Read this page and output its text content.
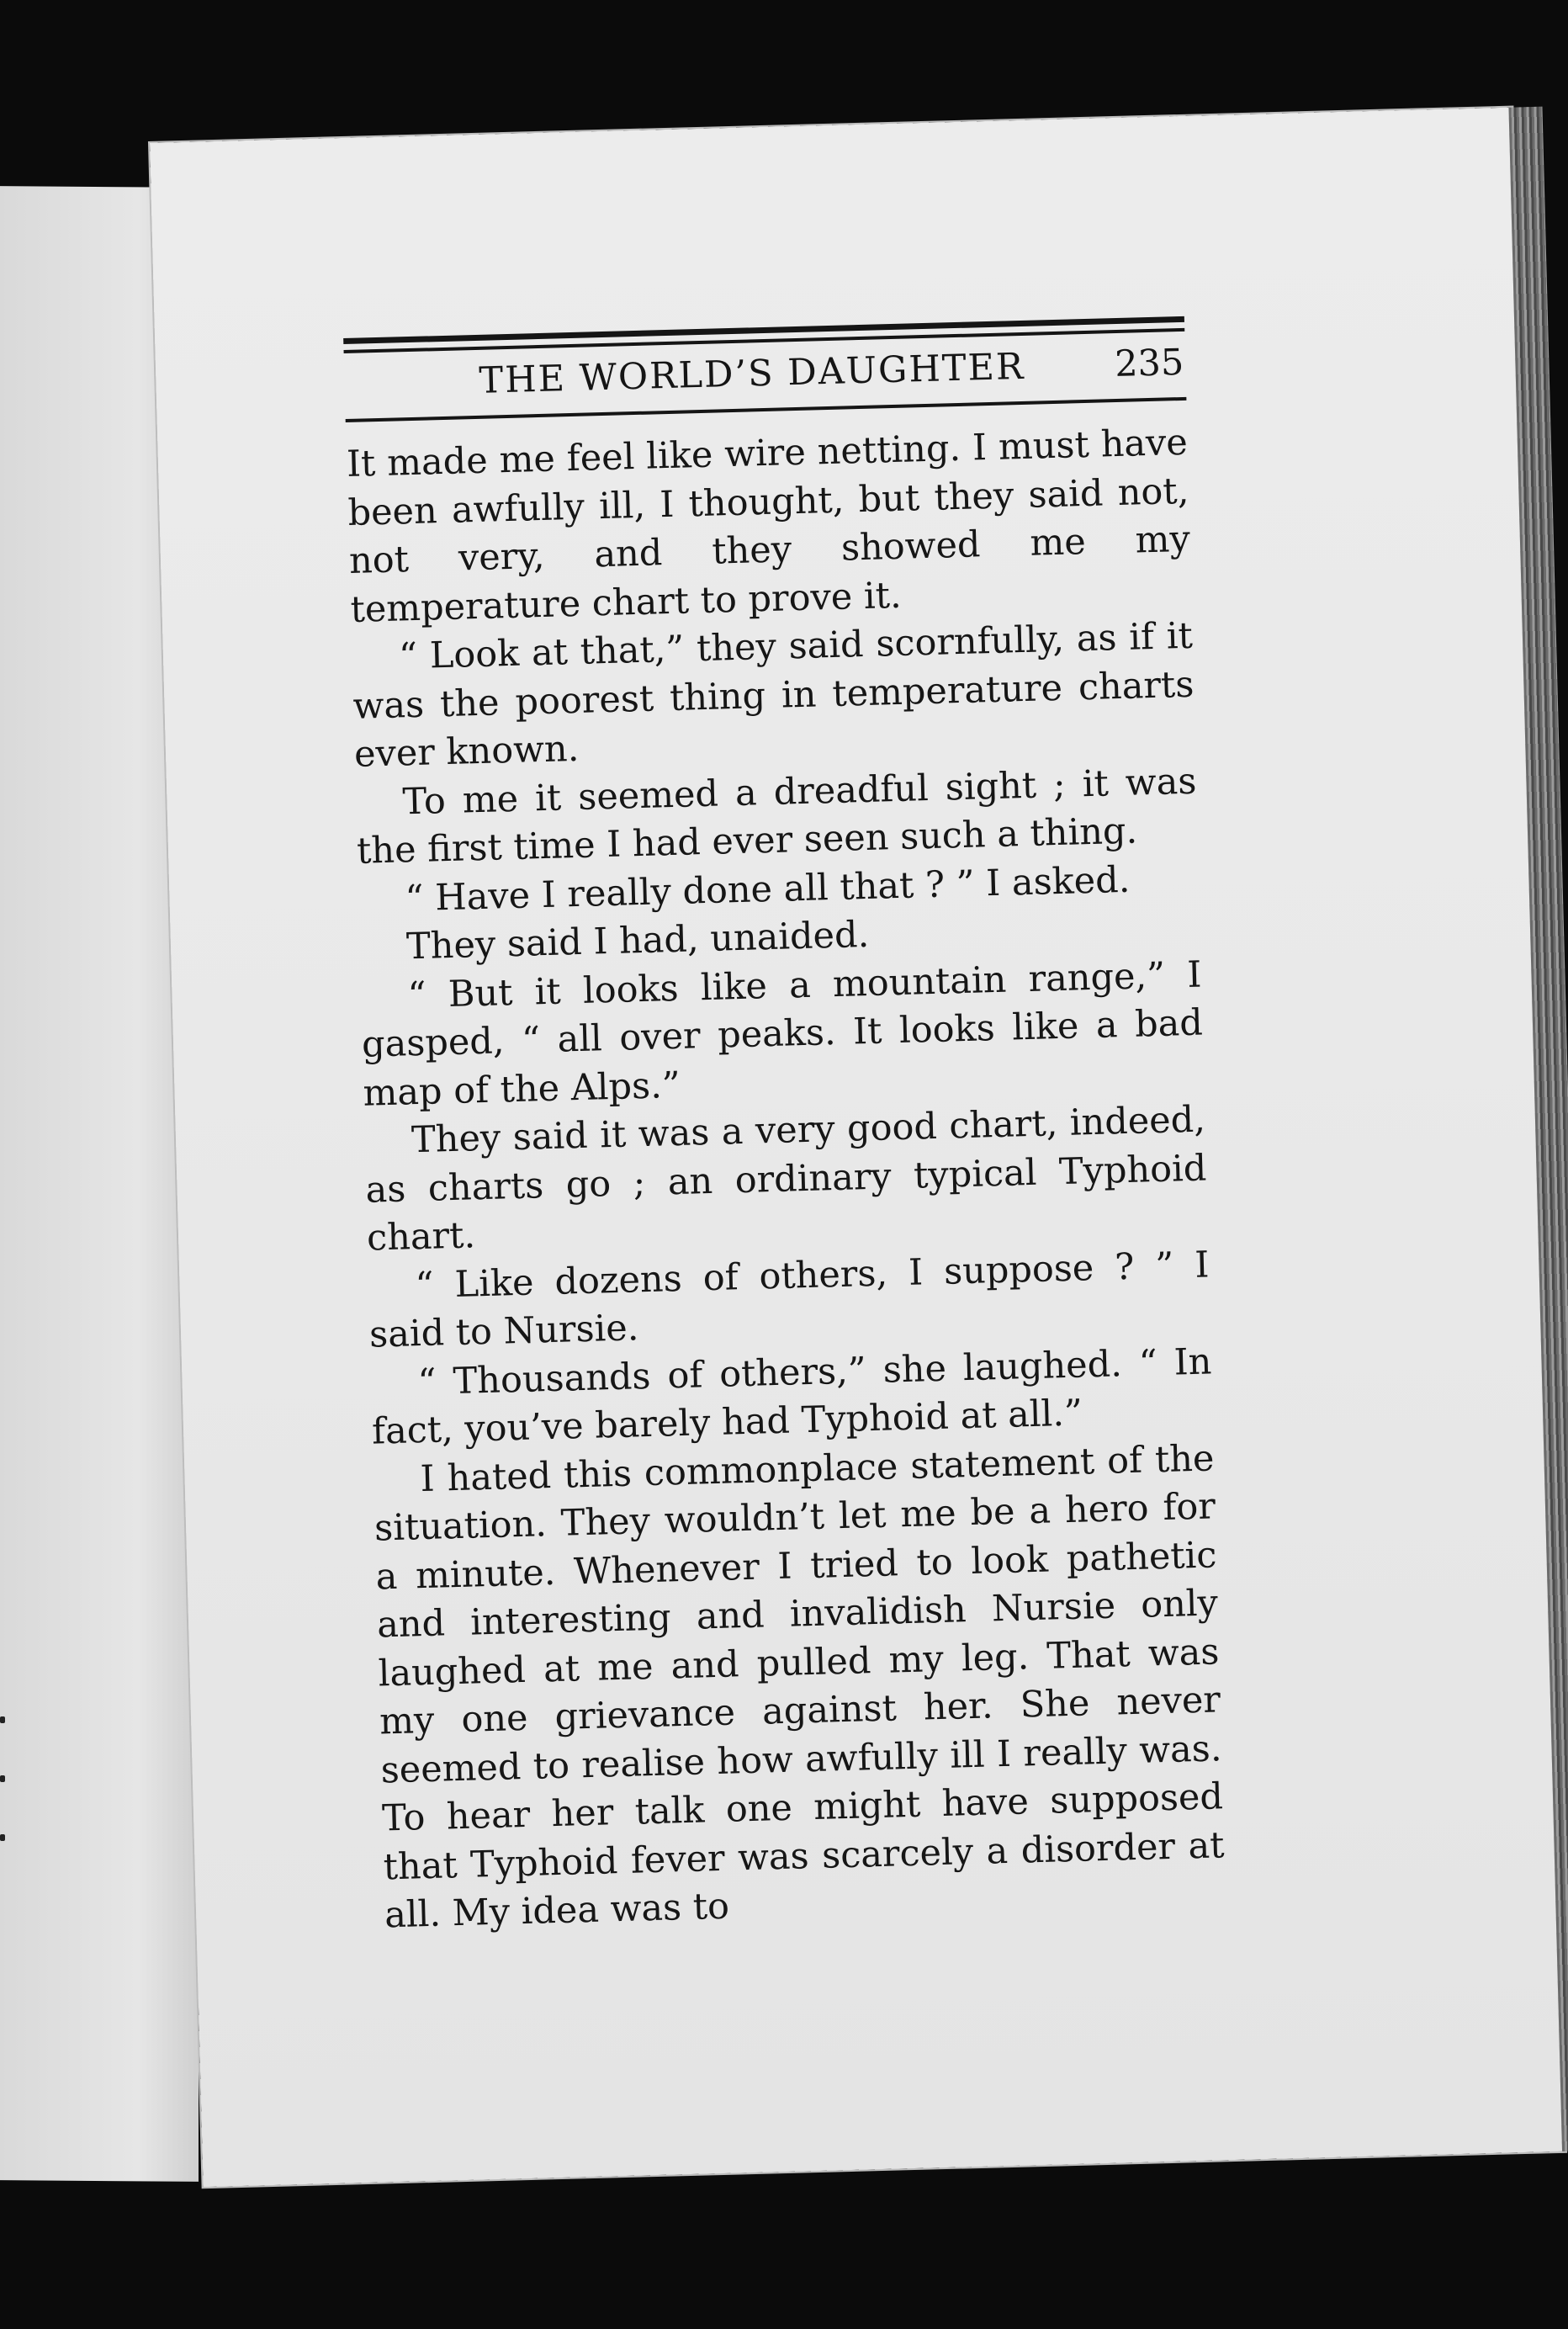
THE WORLD’S DAUGHTER 235

It made me feel like wire netting. I must have been awfully ill, I thought, but they said not, not very, and they showed me my temperature chart to prove it.

“ Look at that,” they said scornfully, as if it was the poorest thing in temperature charts ever known.

To me it seemed a dreadful sight ; it was the first time I had ever seen such a thing.

“ Have I really done all that ? ” I asked.

They said I had, unaided.

“ But it looks like a mountain range,” I gasped, “ all over peaks. It looks like a bad map of the Alps.”

They said it was a very good chart, indeed, as charts go ; an ordinary typical Typhoid chart.

“ Like dozens of others, I suppose ? ” I said to Nursie.

“ Thousands of others,” she laughed. “ In fact, you’ve barely had Typhoid at all.”

I hated this commonplace statement of the situation. They wouldn’t let me be a hero for a minute. Whenever I tried to look pathetic and interesting and invalidish Nursie only laughed at me and pulled my leg. That was my one grievance against her. She never seemed to realise how awfully ill I really was. To hear her talk one might have supposed that Typhoid fever was scarcely a disorder at all. My idea was to
